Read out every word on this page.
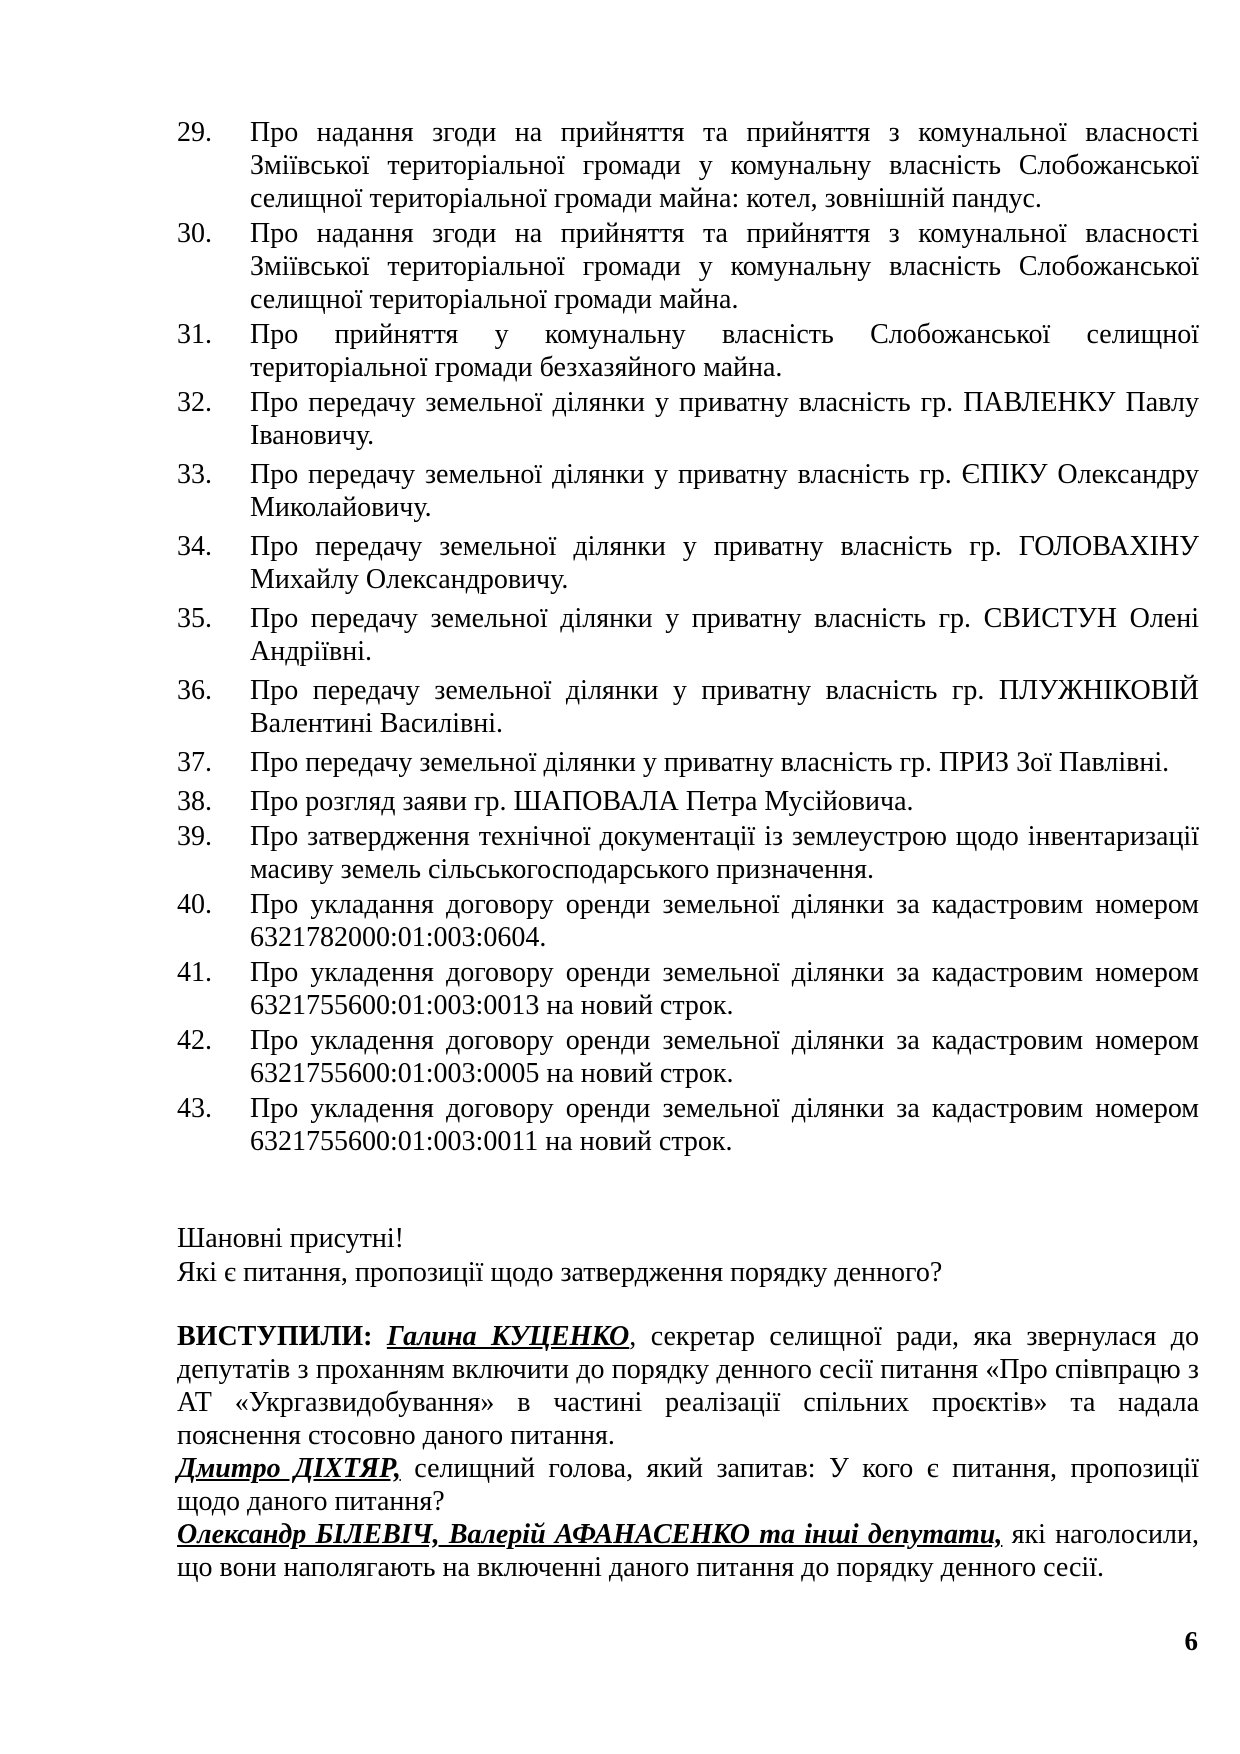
29.	Про надання згоди на прийняття та прийняття з комунальної власності Зміївської територіальної громади у комунальну власність Слобожанської селищної територіальної громади майна: котел, зовнішній пандус.
30.	Про надання згоди на прийняття та прийняття з комунальної власності Зміївської територіальної громади у комунальну власність Слобожанської селищної територіальної громади майна.
31.	Про прийняття у комунальну власність Слобожанської селищної територіальної громади безхазяйного майна.
32.	Про передачу земельної ділянки у приватну власність гр. ПАВЛЕНКУ Павлу Івановичу.
33.	Про передачу земельної ділянки у приватну власність гр. ЄПІКУ Олександру Миколайовичу.
34.	Про передачу земельної ділянки у приватну власність гр. ГОЛОВАХІНУ Михайлу Олександровичу.
35.	Про передачу земельної ділянки у приватну власність гр. СВИСТУН Олені Андріївні.
36.	Про передачу земельної ділянки у приватну власність гр. ПЛУЖНІКОВІЙ Валентині Василівні.
37.	Про передачу земельної ділянки у приватну власність гр. ПРИЗ Зої Павлівні.
38.	Про розгляд заяви гр. ШАПОВАЛА Петра Мусійовича.
39.	Про затвердження технічної документації із землеустрою щодо інвентаризації масиву земель сільськогосподарського призначення.
40.	Про укладання договору оренди земельної ділянки за кадастровим номером 6321782000:01:003:0604.
41.	Про укладення договору оренди земельної ділянки за кадастровим номером 6321755600:01:003:0013 на новий строк.
42.	Про укладення договору оренди земельної ділянки за кадастровим номером 6321755600:01:003:0005 на новий строк.
43.	Про укладення договору оренди земельної ділянки за кадастровим номером 6321755600:01:003:0011 на новий строк.
Шановні присутні!
Які є питання, пропозиції щодо затвердження порядку денного?

ВИСТУПИЛИ: Галина КУЦЕНКО, секретар селищної ради, яка звернулася до депутатів з проханням включити до порядку денного сесії питання «Про співпрацю з АТ «Укргазвидобування» в частині реалізації спільних проєктів» та надала пояснення стосовно даного питання.

Дмитро ДІХТЯР, селищний голова, який запитав: У кого є питання, пропозиції щодо даного питання?

Олександр БІЛЕВІЧ, Валерій АФАНАСЕНКО та інші депутати, які наголосили, що вони наполягають на включенні даного питання до порядку денного сесії.

6
